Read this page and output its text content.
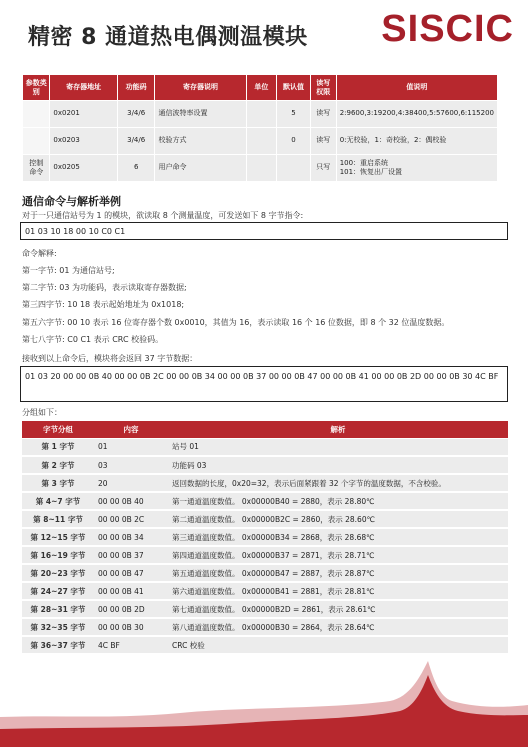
精密 8 通道热电偶测温模块 SISCIC
参数类别	寄存器地址	功能码	寄存器说明	单位	默认值	读写权限	值说明
	0x0201	3/4/6	通信波特率设置		5	读写	2:9600,3:19200,4:38400,5:57600,6:115200
	0x0203	3/4/6	校验方式		0	读写	0:无校验，1：奇校验，2：偶校验
控制命令	0x0205	6	用户命令			只写	100：重启系统
101：恢复出厂设置
通信命令与解析举例
对于一只通信站号为 1 的模块，欲读取 8 个测量温度，可发送如下 8 字节指令:
01 03 10 18 00 10 C0 C1
命令解释:
第一字节: 01 为通信站号;
第二字节: 03 为功能码，表示读取寄存器数据;
第三四字节: 10 18 表示起始地址为 0x1018;
第五六字节: 00 10 表示 16 位寄存器个数 0x0010，其值为 16，表示读取 16 个 16 位数据，即 8 个 32 位温度数据。
第七八字节: C0 C1 表示 CRC 校验码。
接收到以上命令后，模块将会返回 37 字节数据：
01 03 20 00 00 0B 40 00 00 0B 2C 00 00 0B 34 00 00 0B 37 00 00 0B 47 00 00 0B 41 00 00 0B 2D 00 00 0B 30 4C BF
分组如下：
字节分组	内容	解析
第 1 字节	01	站号 01
第 2 字节	03	功能码 03
第 3 字节	20	返回数据的长度，0x20=32，表示后面紧跟着 32 个字节的温度数据，不含校验。
第 4~7 字节	00 00 0B 40	第一通道温度数值。 0x00000B40 = 2880，表示 28.80℃
第 8~11 字节	00 00 0B 2C	第二通道温度数值。 0x00000B2C = 2860，表示 28.60℃
第 12~15 字节	00 00 0B 34	第三通道温度数值。 0x00000B34 = 2868，表示 28.68℃
第 16~19 字节	00 00 0B 37	第四通道温度数值。 0x00000B37 = 2871，表示 28.71℃
第 20~23 字节	00 00 0B 47	第五通道温度数值。 0x00000B47 = 2887，表示 28.87℃
第 24~27 字节	00 00 0B 41	第六通道温度数值。 0x00000B41 = 2881，表示 28.81℃
第 28~31 字节	00 00 0B 2D	第七通道温度数值。 0x00000B2D = 2861，表示 28.61℃
第 32~35 字节	00 00 0B 30	第八通道温度数值。 0x00000B30 = 2864，表示 28.64℃
第 36~37 字节	4C BF	CRC 校验
